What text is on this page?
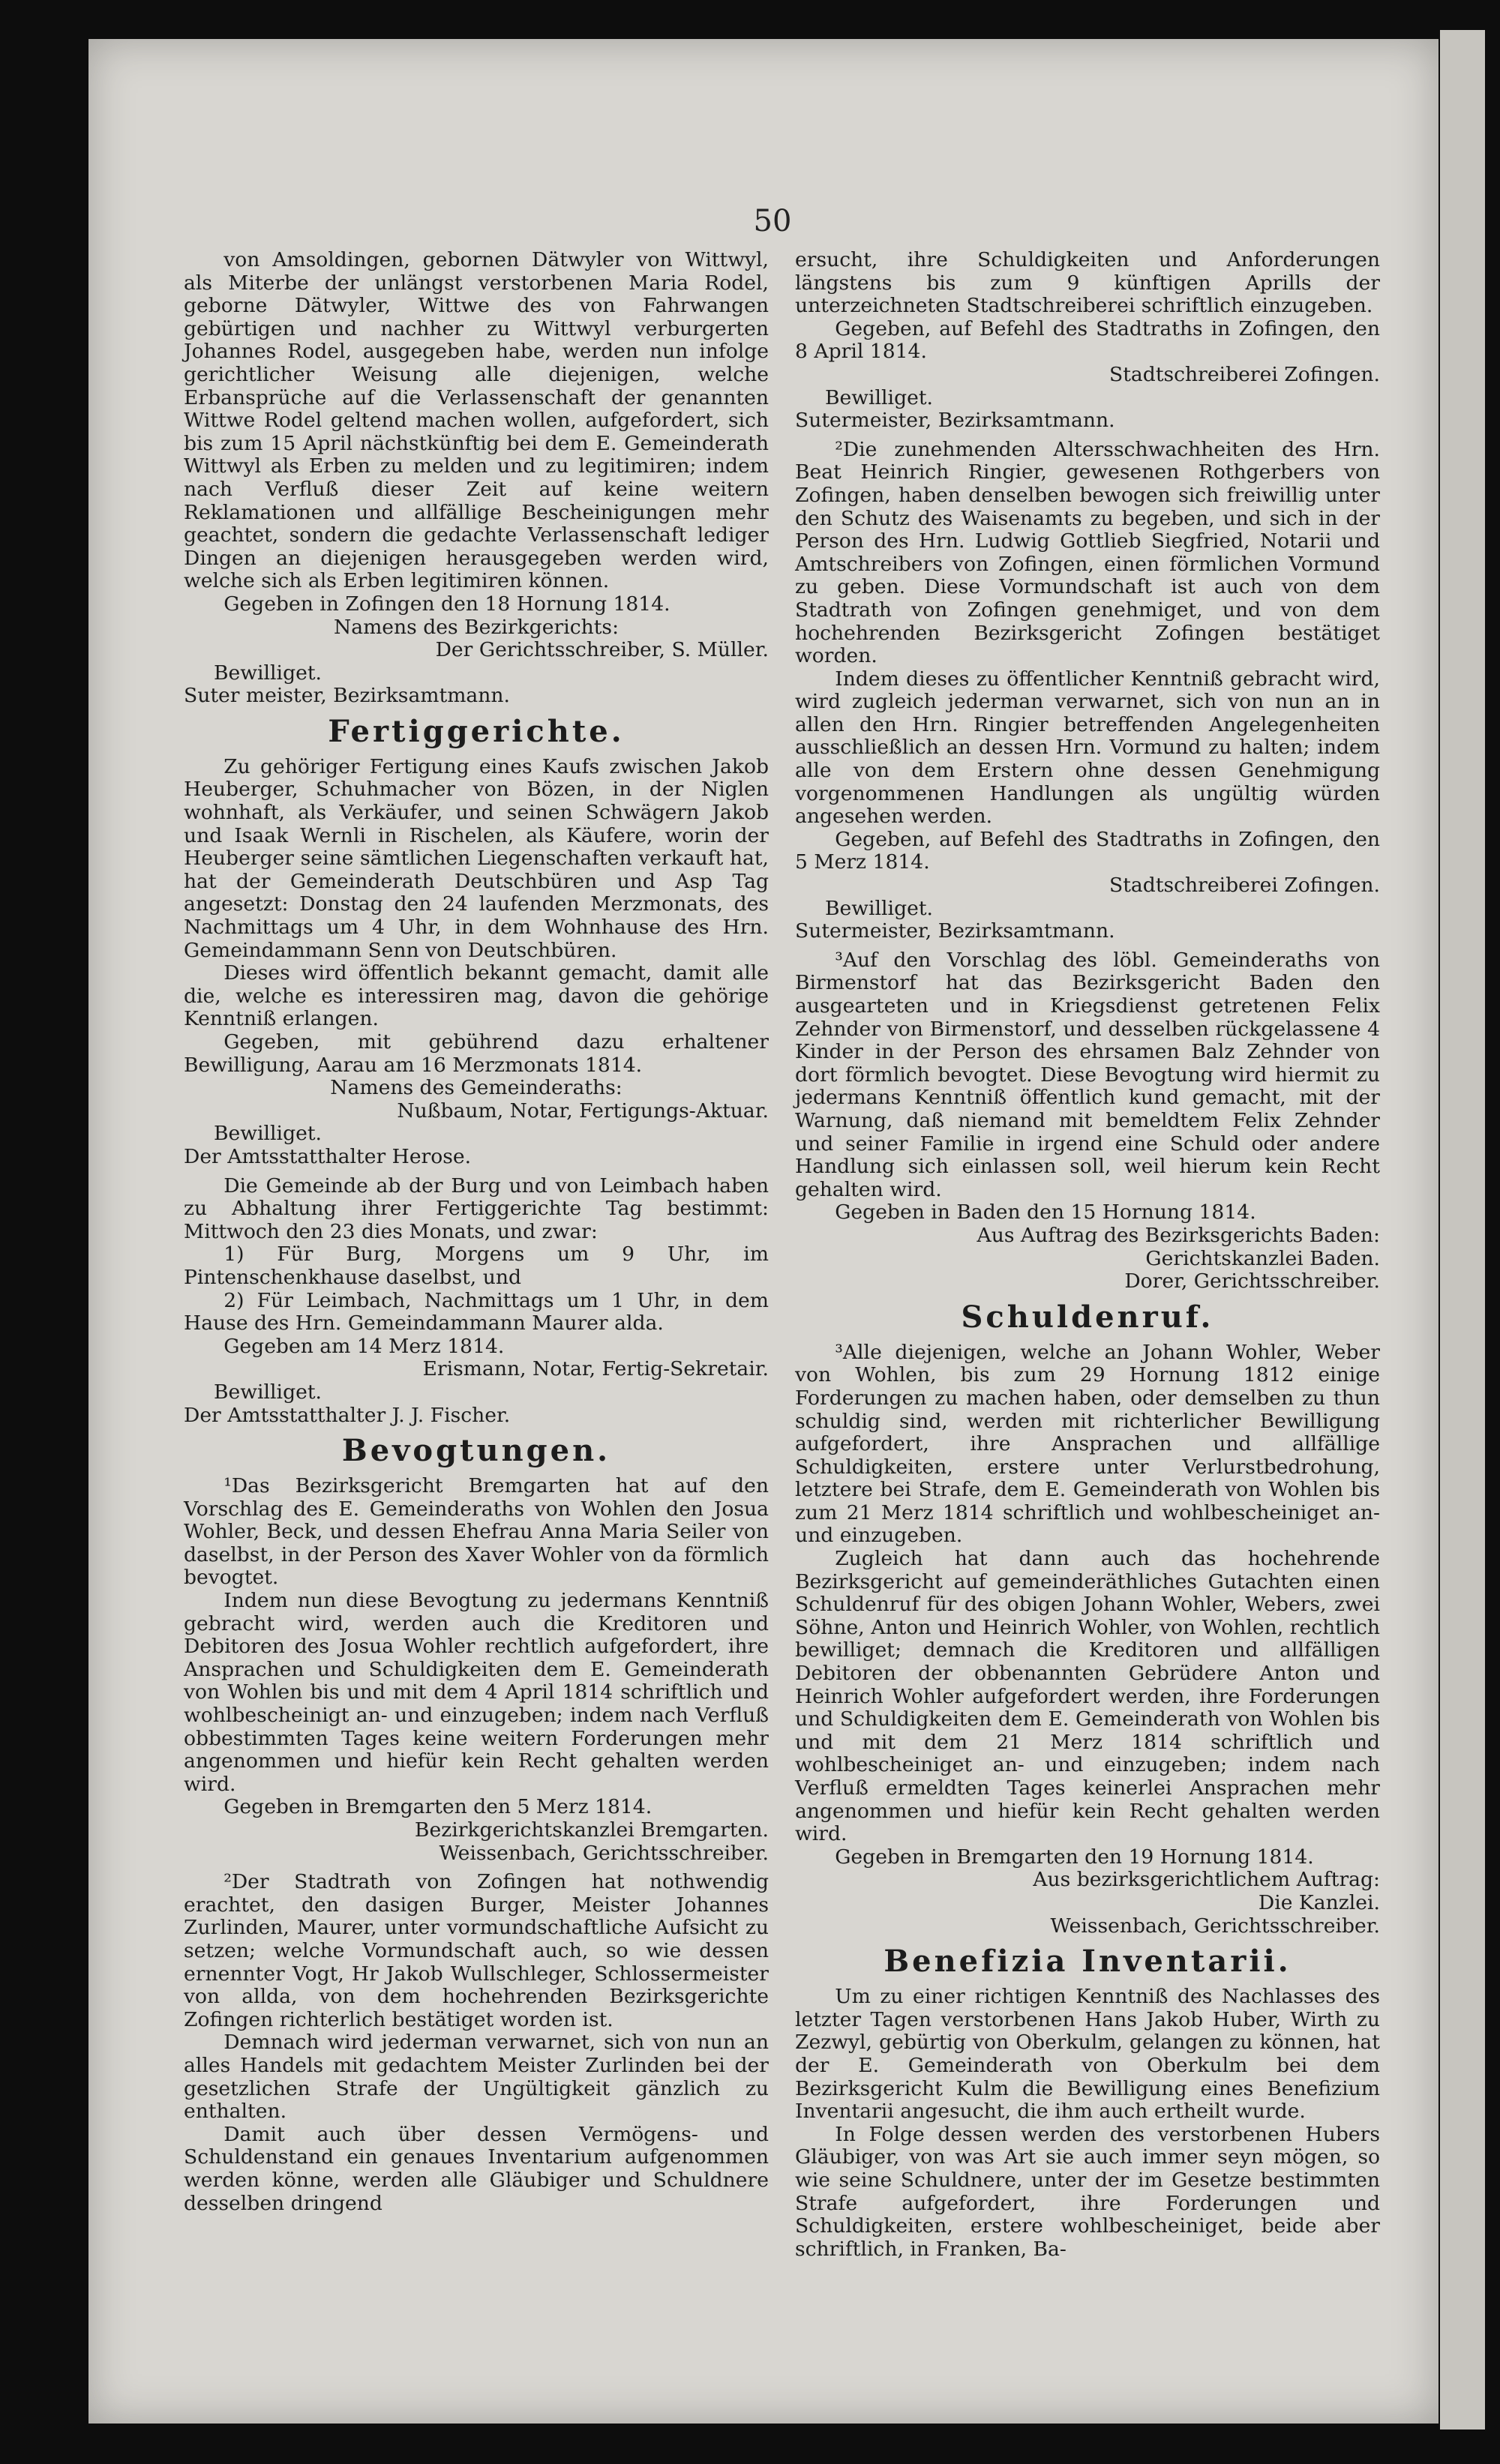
50

von Amsoldingen, gebornen Dätwyler von Wittwyl, als Miterbe der unlängst verstorbenen Maria Rodel, geborne Dätwyler, Wittwe des von Fahrwangen gebürtigen und nachher zu Wittwyl verburgerten Johannes Rodel, ausgegeben habe, werden nun infolge gerichtlicher Weisung alle diejenigen, welche Erbansprüche auf die Verlassenschaft der genannten Wittwe Rodel geltend machen wollen, aufgefordert, sich bis zum 15 April nächstkünftig bei dem E. Gemeinderath Wittwyl als Erben zu melden und zu legitimiren; indem nach Verfluß dieser Zeit auf keine weitern Reklamationen und allfällige Bescheinigungen mehr geachtet, sondern die gedachte Verlassenschaft lediger Dingen an diejenigen herausgegeben werden wird, welche sich als Erben legitimiren können.

Gegeben in Zofingen den 18 Hornung 1814.

Namens des Bezirkgerichts:

Der Gerichtsschreiber, S. Müller.

Bewilliget.

Suter meister, Bezirksamtmann.

Fertiggerichte.

Zu gehöriger Fertigung eines Kaufs zwischen Jakob Heuberger, Schuhmacher von Bözen, in der Niglen wohnhaft, als Verkäufer, und seinen Schwägern Jakob und Isaak Wernli in Rischelen, als Käufere, worin der Heuberger seine sämtlichen Liegenschaften verkauft hat, hat der Gemeinderath Deutschbüren und Asp Tag angesetzt: Donstag den 24 laufenden Merzmonats, des Nachmittags um 4 Uhr, in dem Wohnhause des Hrn. Gemeindammann Senn von Deutschbüren.

Dieses wird öffentlich bekannt gemacht, damit alle die, welche es interessiren mag, davon die gehörige Kenntniß erlangen.

Gegeben, mit gebührend dazu erhaltener Bewilligung, Aarau am 16 Merzmonats 1814.

Namens des Gemeinderaths:

Nußbaum, Notar, Fertigungs-Aktuar.

Bewilliget.

Der Amtsstatthalter Herose.

Die Gemeinde ab der Burg und von Leimbach haben zu Abhaltung ihrer Fertiggerichte Tag bestimmt: Mittwoch den 23 dies Monats, und zwar:

1) Für Burg, Morgens um 9 Uhr, im Pintenschenkhause daselbst, und

2) Für Leimbach, Nachmittags um 1 Uhr, in dem Hause des Hrn. Gemeindammann Maurer alda.

Gegeben am 14 Merz 1814.

Erismann, Notar, Fertig-Sekretair.

Bewilliget.

Der Amtsstatthalter J. J. Fischer.

Bevogtungen.

¹Das Bezirksgericht Bremgarten hat auf den Vorschlag des E. Gemeinderaths von Wohlen den Josua Wohler, Beck, und dessen Ehefrau Anna Maria Seiler von daselbst, in der Person des Xaver Wohler von da förmlich bevogtet.

Indem nun diese Bevogtung zu jedermans Kenntniß gebracht wird, werden auch die Kreditoren und Debitoren des Josua Wohler rechtlich aufgefordert, ihre Ansprachen und Schuldigkeiten dem E. Gemeinderath von Wohlen bis und mit dem 4 April 1814 schriftlich und wohlbescheinigt an- und einzugeben; indem nach Verfluß obbestimmten Tages keine weitern Forderungen mehr angenommen und hiefür kein Recht gehalten werden wird.

Gegeben in Bremgarten den 5 Merz 1814.

Bezirkgerichtskanzlei Bremgarten.

Weissenbach, Gerichtsschreiber.

²Der Stadtrath von Zofingen hat nothwendig erachtet, den dasigen Burger, Meister Johannes Zurlinden, Maurer, unter vormundschaftliche Aufsicht zu setzen; welche Vormundschaft auch, so wie dessen ernennter Vogt, Hr Jakob Wullschleger, Schlossermeister von allda, von dem hochehrenden Bezirksgerichte Zofingen richterlich bestätiget worden ist.

Demnach wird jederman verwarnet, sich von nun an alles Handels mit gedachtem Meister Zurlinden bei der gesetzlichen Strafe der Ungültigkeit gänzlich zu enthalten.

Damit auch über dessen Vermögens- und Schuldenstand ein genaues Inventarium aufgenommen werden könne, werden alle Gläubiger und Schuldnere desselben dringend

ersucht, ihre Schuldigkeiten und Anforderungen längstens bis zum 9 künftigen Aprills der unterzeichneten Stadtschreiberei schriftlich einzugeben.

Gegeben, auf Befehl des Stadtraths in Zofingen, den 8 April 1814.

Stadtschreiberei Zofingen.

Bewilliget.

Sutermeister, Bezirksamtmann.

²Die zunehmenden Altersschwachheiten des Hrn. Beat Heinrich Ringier, gewesenen Rothgerbers von Zofingen, haben denselben bewogen sich freiwillig unter den Schutz des Waisenamts zu begeben, und sich in der Person des Hrn. Ludwig Gottlieb Siegfried, Notarii und Amtschreibers von Zofingen, einen förmlichen Vormund zu geben. Diese Vormundschaft ist auch von dem Stadtrath von Zofingen genehmiget, und von dem hochehrenden Bezirksgericht Zofingen bestätiget worden.

Indem dieses zu öffentlicher Kenntniß gebracht wird, wird zugleich jederman verwarnet, sich von nun an in allen den Hrn. Ringier betreffenden Angelegenheiten ausschließlich an dessen Hrn. Vormund zu halten; indem alle von dem Erstern ohne dessen Genehmigung vorgenommenen Handlungen als ungültig würden angesehen werden.

Gegeben, auf Befehl des Stadtraths in Zofingen, den 5 Merz 1814.

Stadtschreiberei Zofingen.

Bewilliget.

Sutermeister, Bezirksamtmann.

³Auf den Vorschlag des löbl. Gemeinderaths von Birmenstorf hat das Bezirksgericht Baden den ausgearteten und in Kriegsdienst getretenen Felix Zehnder von Birmenstorf, und desselben rückgelassene 4 Kinder in der Person des ehrsamen Balz Zehnder von dort förmlich bevogtet. Diese Bevogtung wird hiermit zu jedermans Kenntniß öffentlich kund gemacht, mit der Warnung, daß niemand mit bemeldtem Felix Zehnder und seiner Familie in irgend eine Schuld oder andere Handlung sich einlassen soll, weil hierum kein Recht gehalten wird.

Gegeben in Baden den 15 Hornung 1814.

Aus Auftrag des Bezirksgerichts Baden:

Gerichtskanzlei Baden.

Dorer, Gerichtsschreiber.

Schuldenruf.

³Alle diejenigen, welche an Johann Wohler, Weber von Wohlen, bis zum 29 Hornung 1812 einige Forderungen zu machen haben, oder demselben zu thun schuldig sind, werden mit richterlicher Bewilligung aufgefordert, ihre Ansprachen und allfällige Schuldigkeiten, erstere unter Verlurstbedrohung, letztere bei Strafe, dem E. Gemeinderath von Wohlen bis zum 21 Merz 1814 schriftlich und wohlbescheiniget an- und einzugeben.

Zugleich hat dann auch das hochehrende Bezirksgericht auf gemeinderäthliches Gutachten einen Schuldenruf für des obigen Johann Wohler, Webers, zwei Söhne, Anton und Heinrich Wohler, von Wohlen, rechtlich bewilliget; demnach die Kreditoren und allfälligen Debitoren der obbenannten Gebrüdere Anton und Heinrich Wohler aufgefordert werden, ihre Forderungen und Schuldigkeiten dem E. Gemeinderath von Wohlen bis und mit dem 21 Merz 1814 schriftlich und wohlbescheiniget an- und einzugeben; indem nach Verfluß ermeldten Tages keinerlei Ansprachen mehr angenommen und hiefür kein Recht gehalten werden wird.

Gegeben in Bremgarten den 19 Hornung 1814.

Aus bezirksgerichtlichem Auftrag:

Die Kanzlei.

Weissenbach, Gerichtsschreiber.

Benefizia Inventarii.

Um zu einer richtigen Kenntniß des Nachlasses des letzter Tagen verstorbenen Hans Jakob Huber, Wirth zu Zezwyl, gebürtig von Oberkulm, gelangen zu können, hat der E. Gemeinderath von Oberkulm bei dem Bezirksgericht Kulm die Bewilligung eines Benefizium Inventarii angesucht, die ihm auch ertheilt wurde.

In Folge dessen werden des verstorbenen Hubers Gläubiger, von was Art sie auch immer seyn mögen, so wie seine Schuldnere, unter der im Gesetze bestimmten Strafe aufgefordert, ihre Forderungen und Schuldigkeiten, erstere wohlbescheiniget, beide aber schriftlich, in Franken, Ba-
